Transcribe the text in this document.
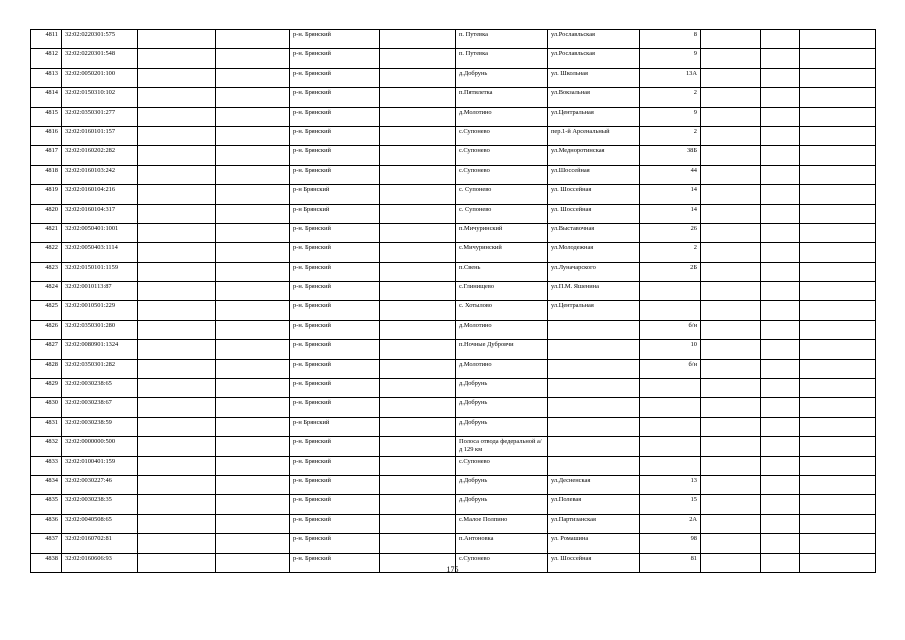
4811	32:02:0220301:575			р-н. Брянский		п. Путевка	ул.Рославльская	8			
4812	32:02:0220301:548			р-н. Брянский		п. Путевка	ул.Рославльская	9			
4813	32:02:0050201:100			р-н. Брянский		д.Добрунь	ул. Школьная	13А			
4814	32:02:0150310:102			р-н. Брянский		п.Пятилетка	ул.Вокзальная	2			
4815	32:02:0350301:277			р-н. Брянский		д.Молотино	ул.Центральная	9			
4816	32:02:0160101:157			р-н. Брянский		с.Супонево	пер.1-й Арсенальный	2			
4817	32:02:0160202:282			р-н. Брянский		с.Супонево	ул.Медноротинская	38Б			
4818	32:02:0160103:242			р-н. Брянский		с.Супонево	ул.Шоссейная	44			
4819	32:02:0160104:216			р-н Брянский		с. Супонево	ул. Шоссейная	14			
4820	32:02:0160104:317			р-н Брянский		с. Супонево	ул. Шоссейная	14			
4821	32:02:0050401:1001			р-н. Брянский		п.Мичуринский	ул.Выставочная	26			
4822	32:02:0050403:1114			р-н. Брянский		с.Мичуринский	ул.Молодежная	2			
4823	32:02:0150101:1159			р-н. Брянский		п.Свень	ул.Луначарского	2Б			
4824	32:02:0010113:87			р-н. Брянский		с.Глинищево	ул.П.М. Яшенина				
4825	32:02:0010501:229			р-н. Брянский		с. Хотылово	ул.Центральная				
4826	32:02:0350301:280			р-н. Брянский		д.Молотино		б/н			
4827	32:02:0080901:1324			р-н. Брянский		п.Ночные Дубровчи		10			
4828	32:02:0350301:282			р-н. Брянский		д.Молотино		б/н			
4829	32:02:0030238:65			р-н. Брянский		д.Добрунь					
4830	32:02:0030238:67			р-н. Брянский		д.Добрунь					
4831	32:02:0030238:59			р-н Брянский		д.Добрунь					
4832	32:02:0000000:500			р-н. Брянский		Полоса отвода федеральной а/д 129 км					
4833	32:02:0100401:159			р-н. Брянский		с.Супонево					
4834	32:02:0030227:46			р-н. Брянский		д.Добрунь	ул.Десненская	13			
4835	32:02:0030238:35			р-н. Брянский		д.Добрунь	ул.Полевая	15			
4836	32:02:0040508:65			р-н. Брянский		с.Малое Полпино	ул.Партизанская	2А			
4837	32:02:0160702:81			р-н. Брянский		п.Антоновка	ул. Ромашина	98			
4838	32:02:0160606:93			р-н. Брянский		с.Супонево	ул. Шоссейная	81			
175
